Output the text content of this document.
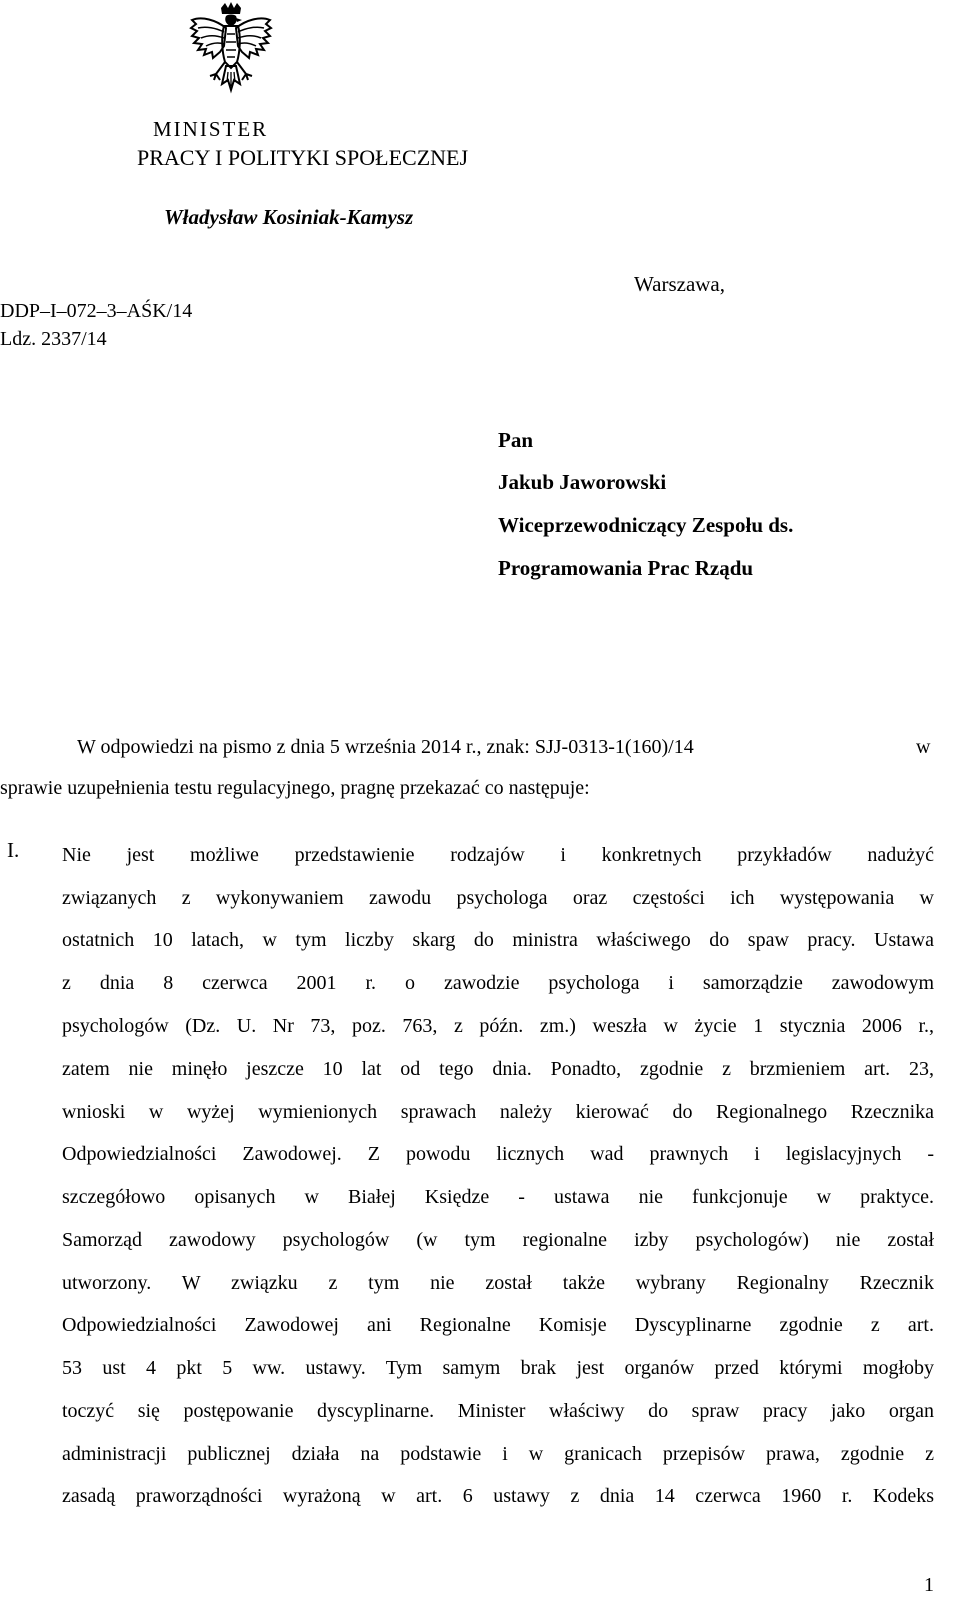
MINISTER
PRACY I POLITYKI SPOŁECZNEJ
Władysław Kosiniak-Kamysz
Warszawa,
DDP–I–072–3–AŚK/14
Ldz. 2337/14
Pan
Jakub Jaworowski
Wiceprzewodniczący Zespołu ds.
Programowania Prac Rządu
W odpowiedzi na pismo z dnia 5 września 2014 r., znak: SJJ-0313-1(160)/14	w
sprawie uzupełnienia testu regulacyjnego, pragnę przekazać co następuje:
I. Nie jest możliwe przedstawienie rodzajów i konkretnych przykładów nadużyć
związanych z wykonywaniem zawodu psychologa oraz częstości ich występowania w
ostatnich 10 latach, w tym liczby skarg do ministra właściwego do spaw pracy. Ustawa
z dnia 8 czerwca 2001 r. o zawodzie psychologa i samorządzie zawodowym
psychologów (Dz. U. Nr 73, poz. 763, z późn. zm.) weszła w życie 1 stycznia 2006 r.,
zatem nie minęło jeszcze 10 lat od tego dnia. Ponadto, zgodnie z brzmieniem art. 23,
wnioski w wyżej wymienionych sprawach należy kierować do Regionalnego Rzecznika
Odpowiedzialności Zawodowej. Z powodu licznych wad prawnych i legislacyjnych -
szczegółowo opisanych w Białej Księdze - ustawa nie funkcjonuje w praktyce.
Samorząd zawodowy psychologów (w tym regionalne izby psychologów) nie został
utworzony. W związku z tym nie został także wybrany Regionalny Rzecznik
Odpowiedzialności Zawodowej ani Regionalne Komisje Dyscyplinarne zgodnie z art.
53 ust 4 pkt 5 ww. ustawy. Tym samym brak jest organów przed którymi mogłoby
toczyć się postępowanie dyscyplinarne. Minister właściwy do spraw pracy jako organ
administracji publicznej działa na podstawie i w granicach przepisów prawa, zgodnie z
zasadą praworządności wyrażoną w art. 6 ustawy z dnia 14 czerwca 1960 r. Kodeks
1
